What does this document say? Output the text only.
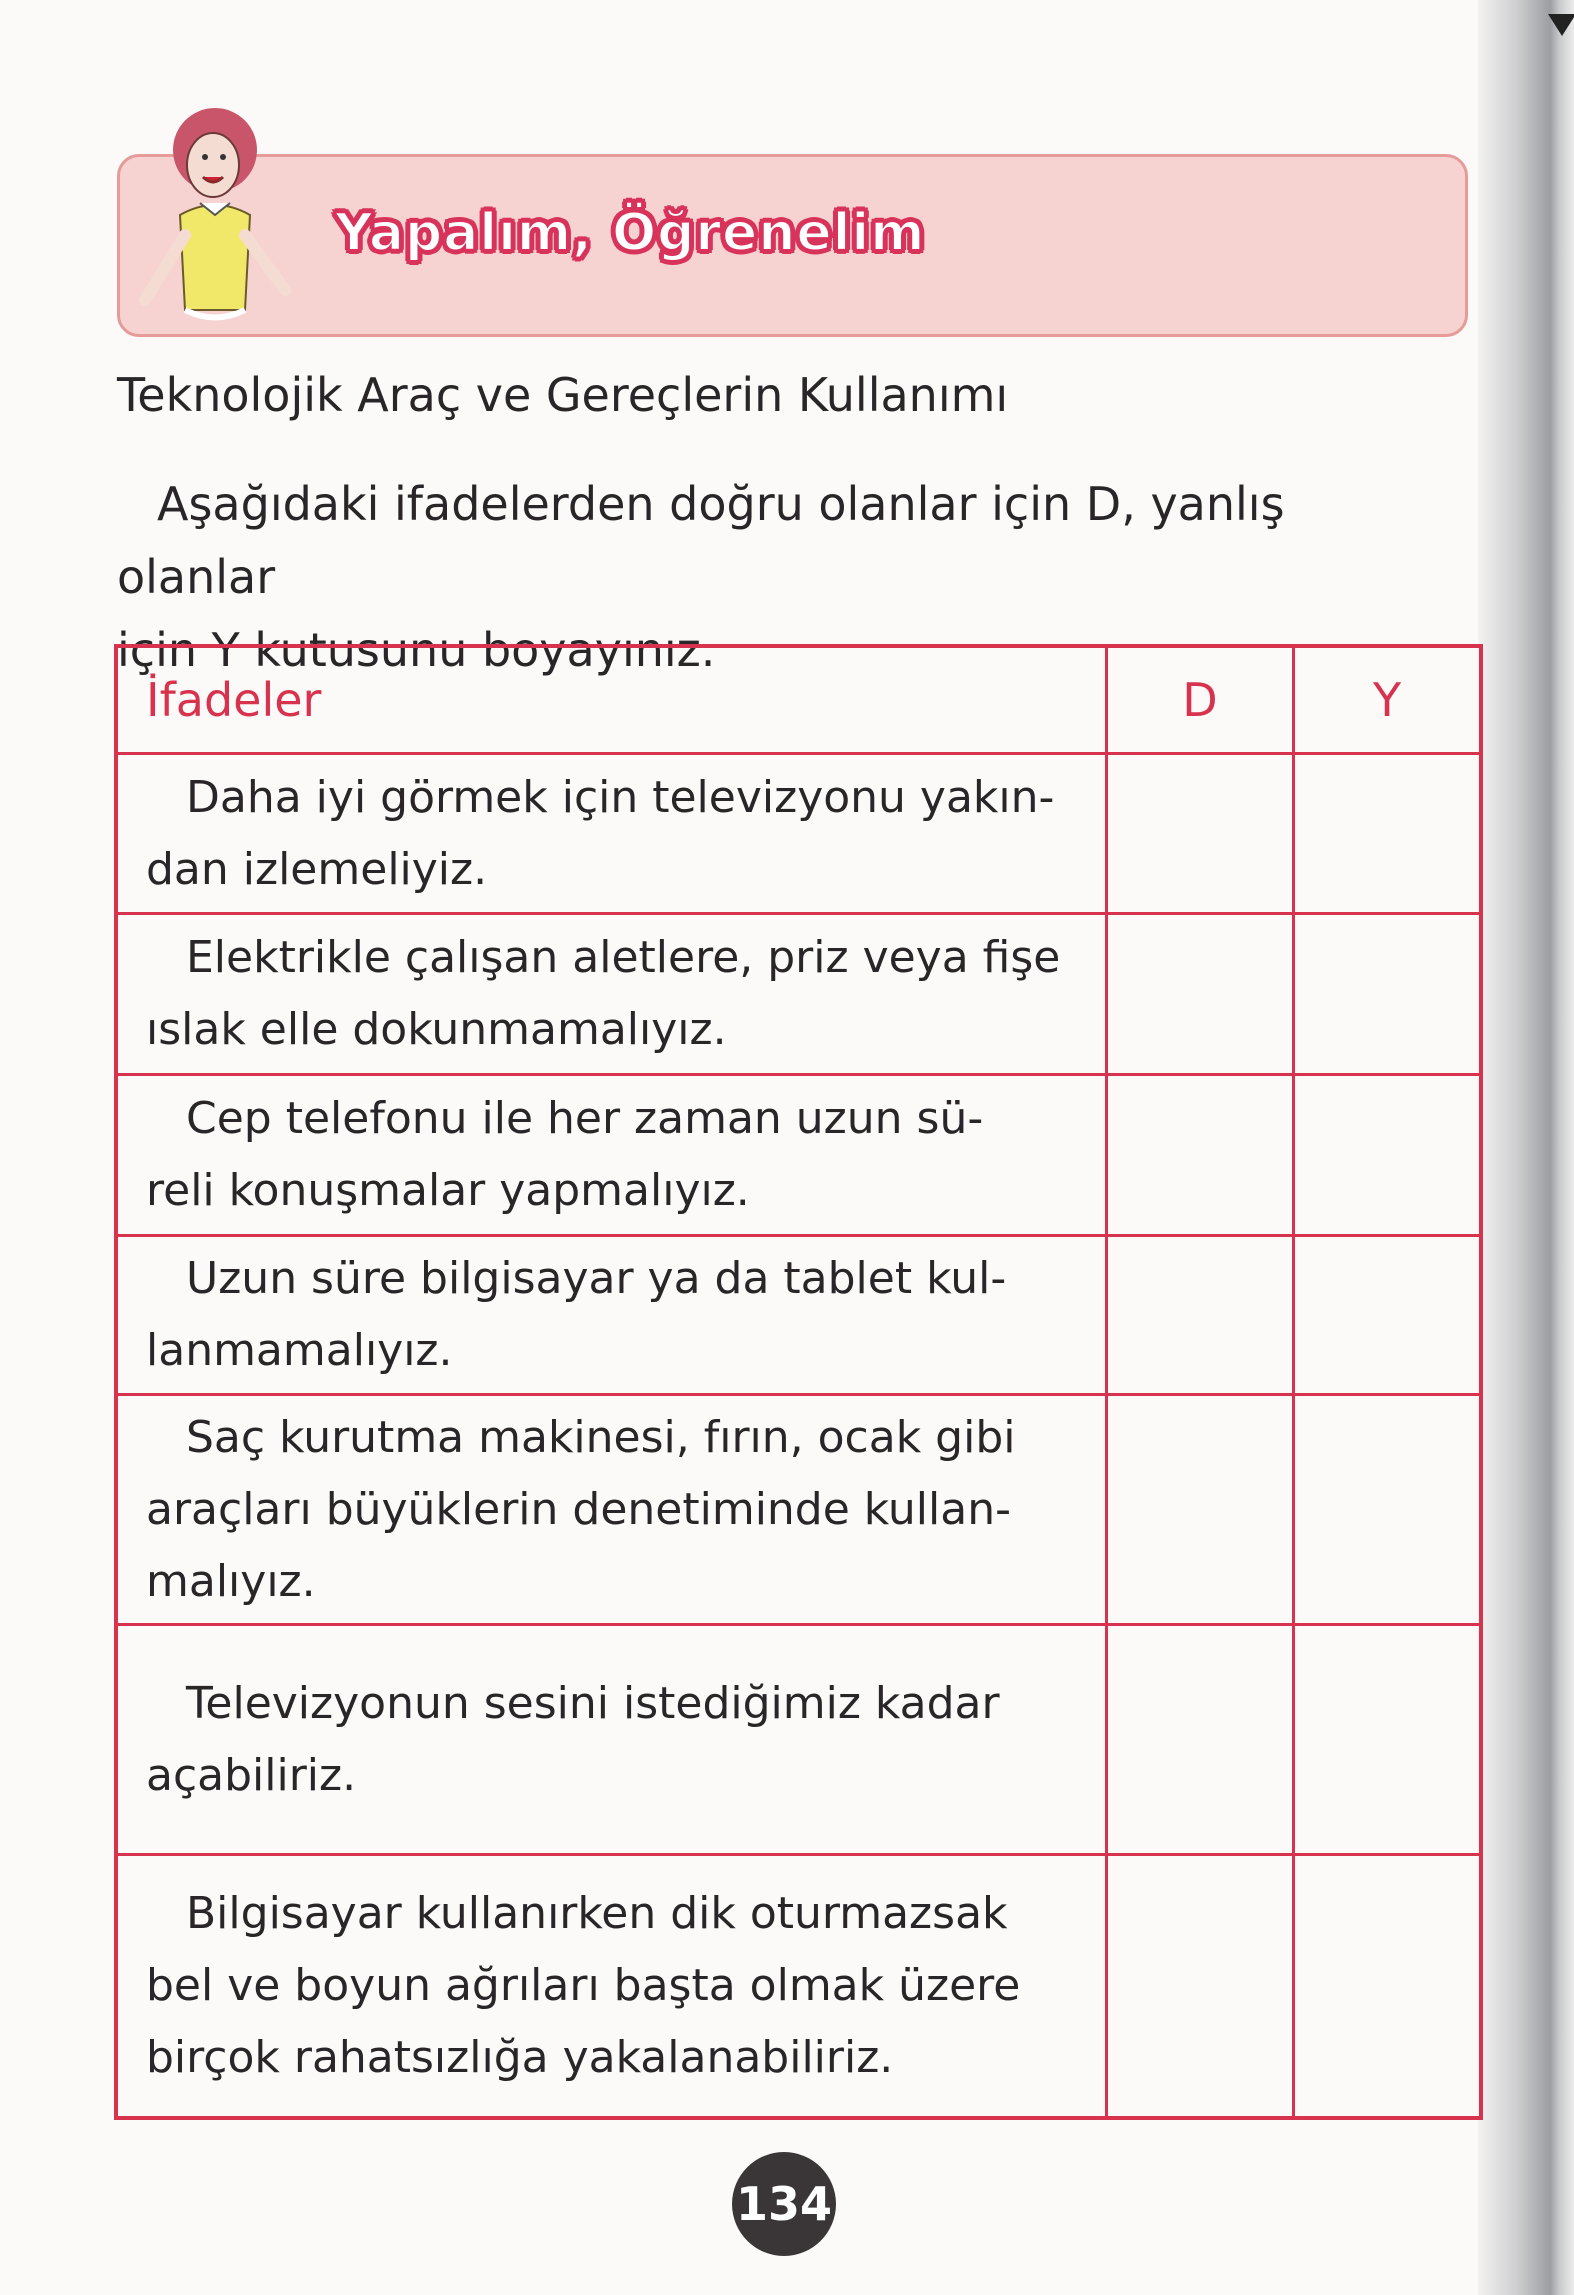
Yapalım, Öğrenelim
Teknolojik Araç ve Gereçlerin Kullanımı
Aşağıdaki ifadelerden doğru olanlar için D, yanlış olanlar
için Y kutusunu boyayınız.
İfadeler	D	Y

Daha iyi görmek için televizyonu yakın-
dan izlemeliyiz.		

Elektrikle çalışan aletlere, priz veya fişe
ıslak elle dokunmamalıyız.		

Cep telefonu ile her zaman uzun sü-
reli konuşmalar yapmalıyız.		

Uzun süre bilgisayar ya da tablet kul-
lanmamalıyız.		

Saç kurutma makinesi, fırın, ocak gibi
araçları büyüklerin denetiminde kullan-
malıyız.		

Televizyonun sesini istediğimiz kadar
açabiliriz.		

Bilgisayar kullanırken dik oturmazsak
bel ve boyun ağrıları başta olmak üzere
birçok rahatsızlığa yakalanabiliriz.		

134
